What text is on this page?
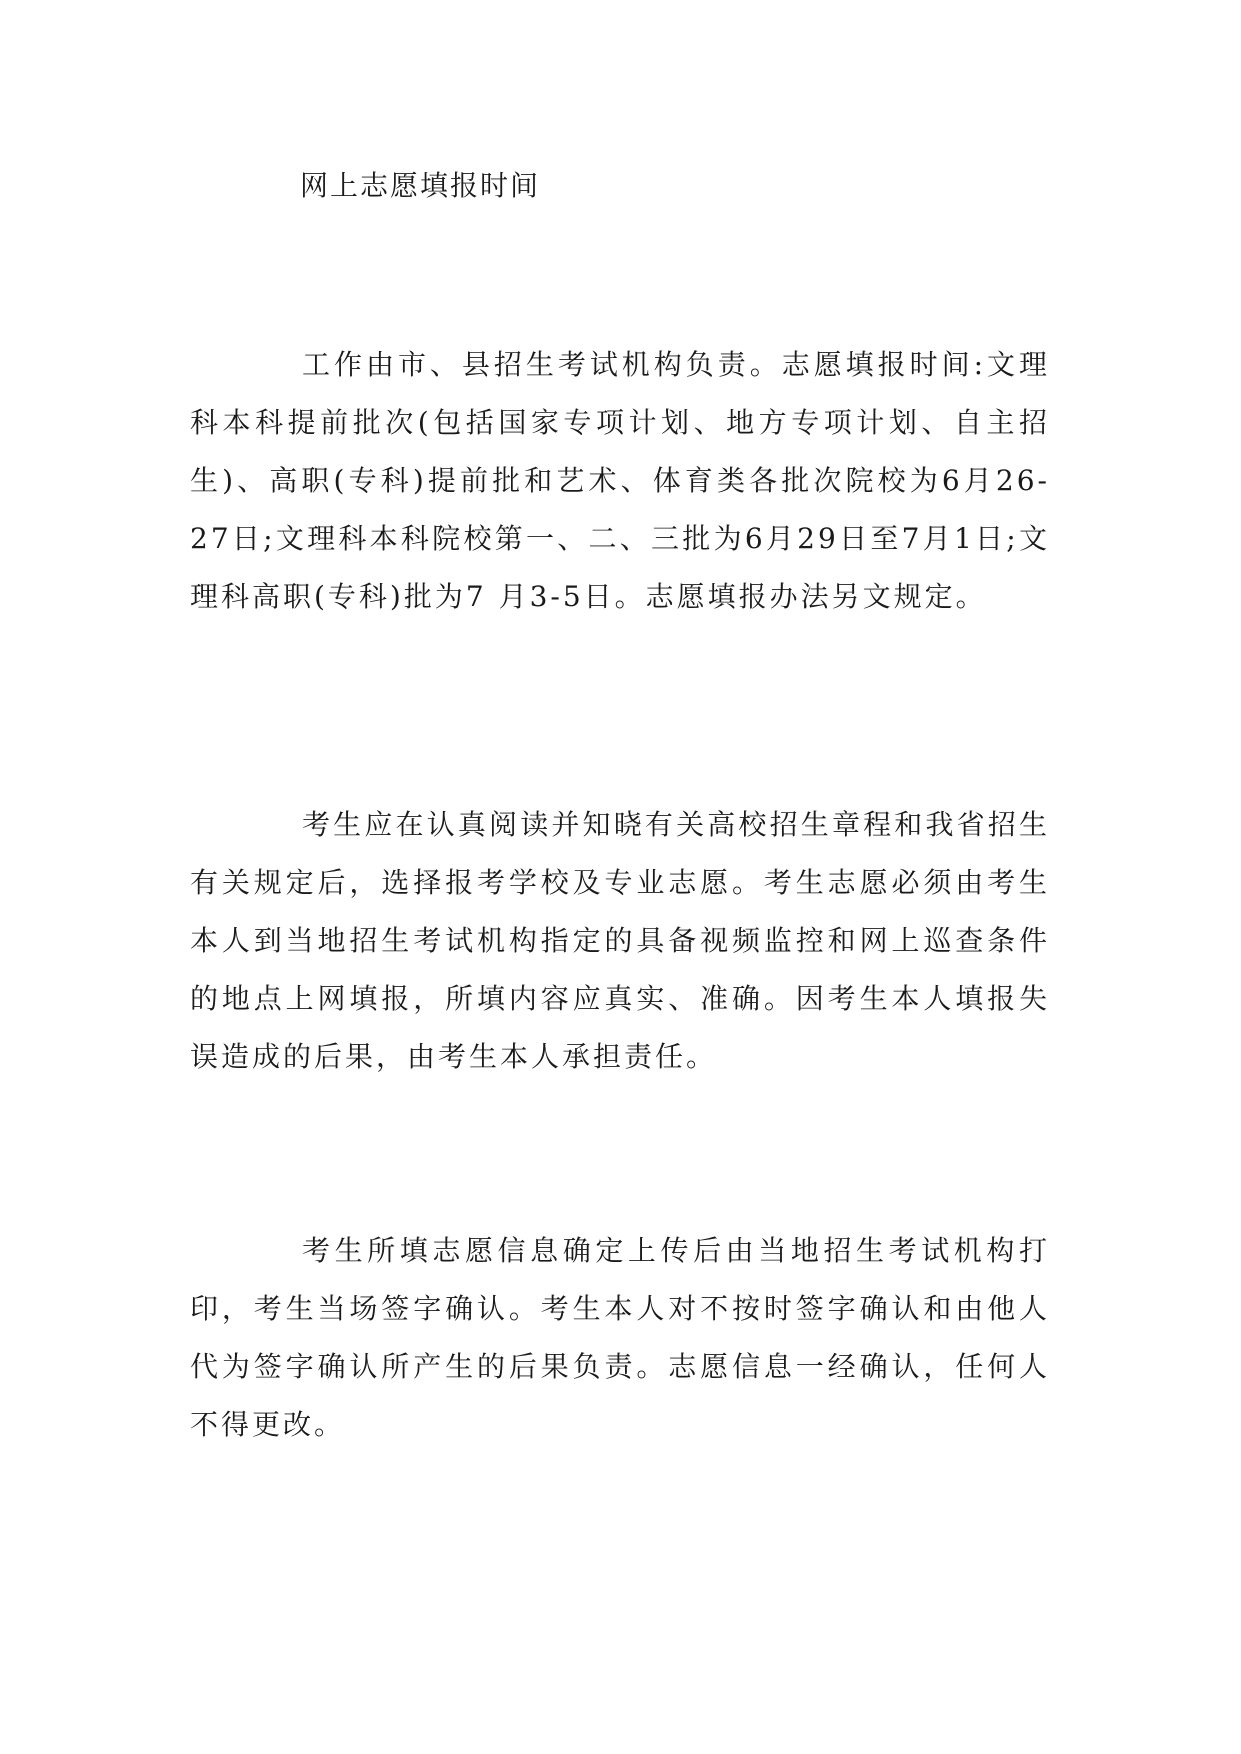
网上志愿填报时间

工作由市、县招生考试机构负责。志愿填报时间:文理科本科提前批次(包括国家专项计划、地方专项计划、自主招生)、高职(专科)提前批和艺术、体育类各批次院校为6月26-27日;文理科本科院校第一、二、三批为6月29日至7月1日;文理科高职(专科)批为7 月3-5日。志愿填报办法另文规定。

考生应在认真阅读并知晓有关高校招生章程和我省招生有关规定后，选择报考学校及专业志愿。考生志愿必须由考生本人到当地招生考试机构指定的具备视频监控和网上巡查条件的地点上网填报，所填内容应真实、准确。因考生本人填报失误造成的后果，由考生本人承担责任。

考生所填志愿信息确定上传后由当地招生考试机构打印，考生当场签字确认。考生本人对不按时签字确认和由他人代为签字确认所产生的后果负责。志愿信息一经确认，任何人不得更改。
